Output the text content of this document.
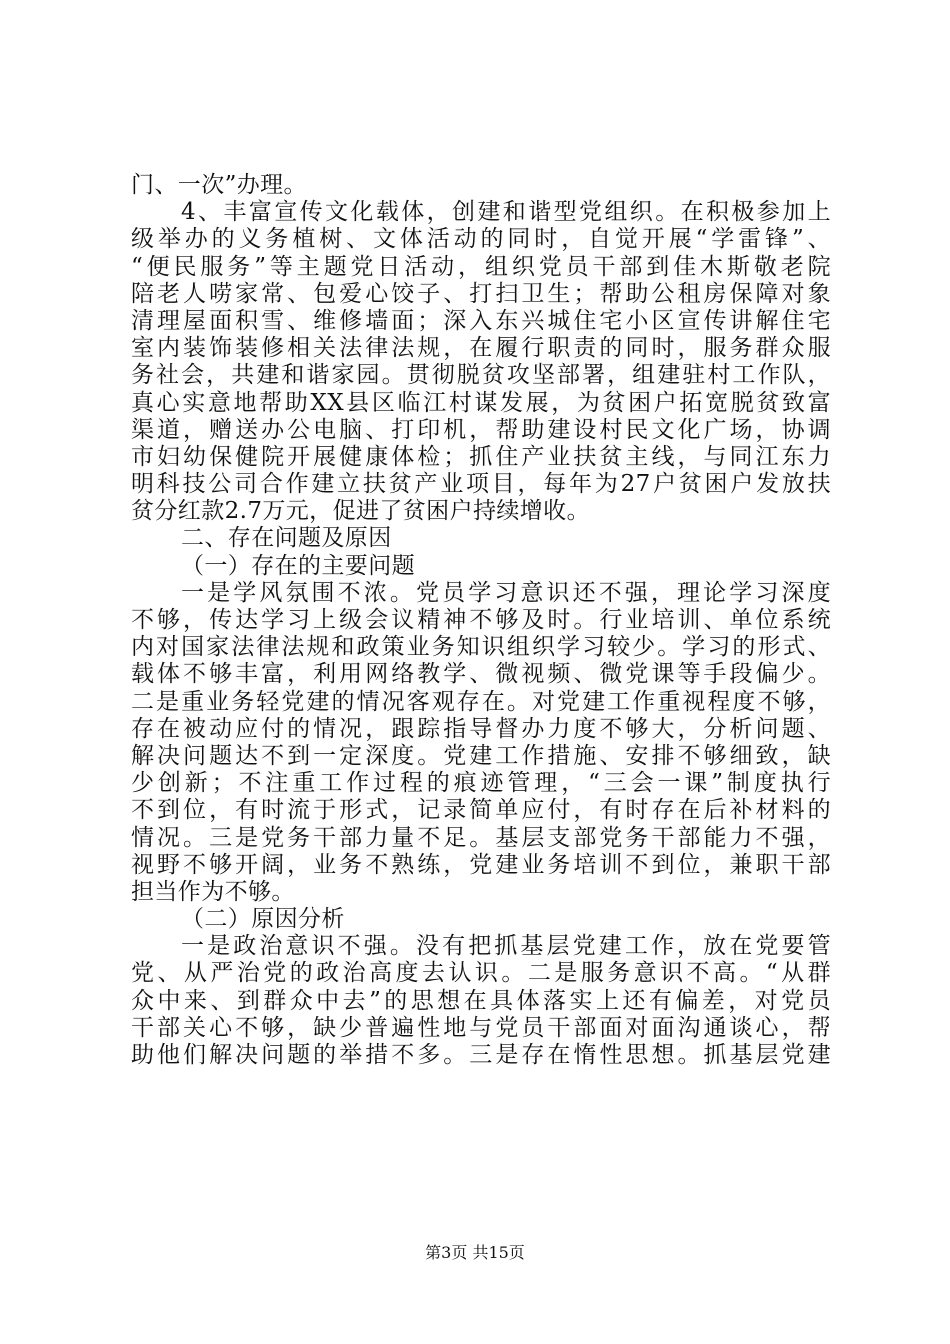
门、一次”办理。
4、丰富宣传文化载体，创建和谐型党组织。在积极参加上
级举办的义务植树、文体活动的同时，自觉开展“学雷锋”、
“便民服务”等主题党日活动，组织党员干部到佳木斯敬老院
陪老人唠家常、包爱心饺子、打扫卫生；帮助公租房保障对象
清理屋面积雪、维修墙面；深入东兴城住宅小区宣传讲解住宅
室内装饰装修相关法律法规，在履行职责的同时，服务群众服
务社会，共建和谐家园。贯彻脱贫攻坚部署，组建驻村工作队，
真心实意地帮助XX县区临江村谋发展，为贫困户拓宽脱贫致富
渠道，赠送办公电脑、打印机，帮助建设村民文化广场，协调
市妇幼保健院开展健康体检；抓住产业扶贫主线，与同江东力
明科技公司合作建立扶贫产业项目，每年为27户贫困户发放扶
贫分红款2.7万元，促进了贫困户持续增收。
二、存在问题及原因
（一）存在的主要问题
一是学风氛围不浓。党员学习意识还不强，理论学习深度
不够，传达学习上级会议精神不够及时。行业培训、单位系统
内对国家法律法规和政策业务知识组织学习较少。学习的形式、
载体不够丰富，利用网络教学、微视频、微党课等手段偏少。
二是重业务轻党建的情况客观存在。对党建工作重视程度不够，
存在被动应付的情况，跟踪指导督办力度不够大，分析问题、
解决问题达不到一定深度。党建工作措施、安排不够细致，缺
少创新；不注重工作过程的痕迹管理，“三会一课”制度执行
不到位，有时流于形式，记录简单应付，有时存在后补材料的
情况。三是党务干部力量不足。基层支部党务干部能力不强，
视野不够开阔，业务不熟练，党建业务培训不到位，兼职干部
担当作为不够。
（二）原因分析
一是政治意识不强。没有把抓基层党建工作，放在党要管
党、从严治党的政治高度去认识。二是服务意识不高。“从群
众中来、到群众中去”的思想在具体落实上还有偏差，对党员
干部关心不够，缺少普遍性地与党员干部面对面沟通谈心，帮
助他们解决问题的举措不多。三是存在惰性思想。抓基层党建
第3页 共15页
